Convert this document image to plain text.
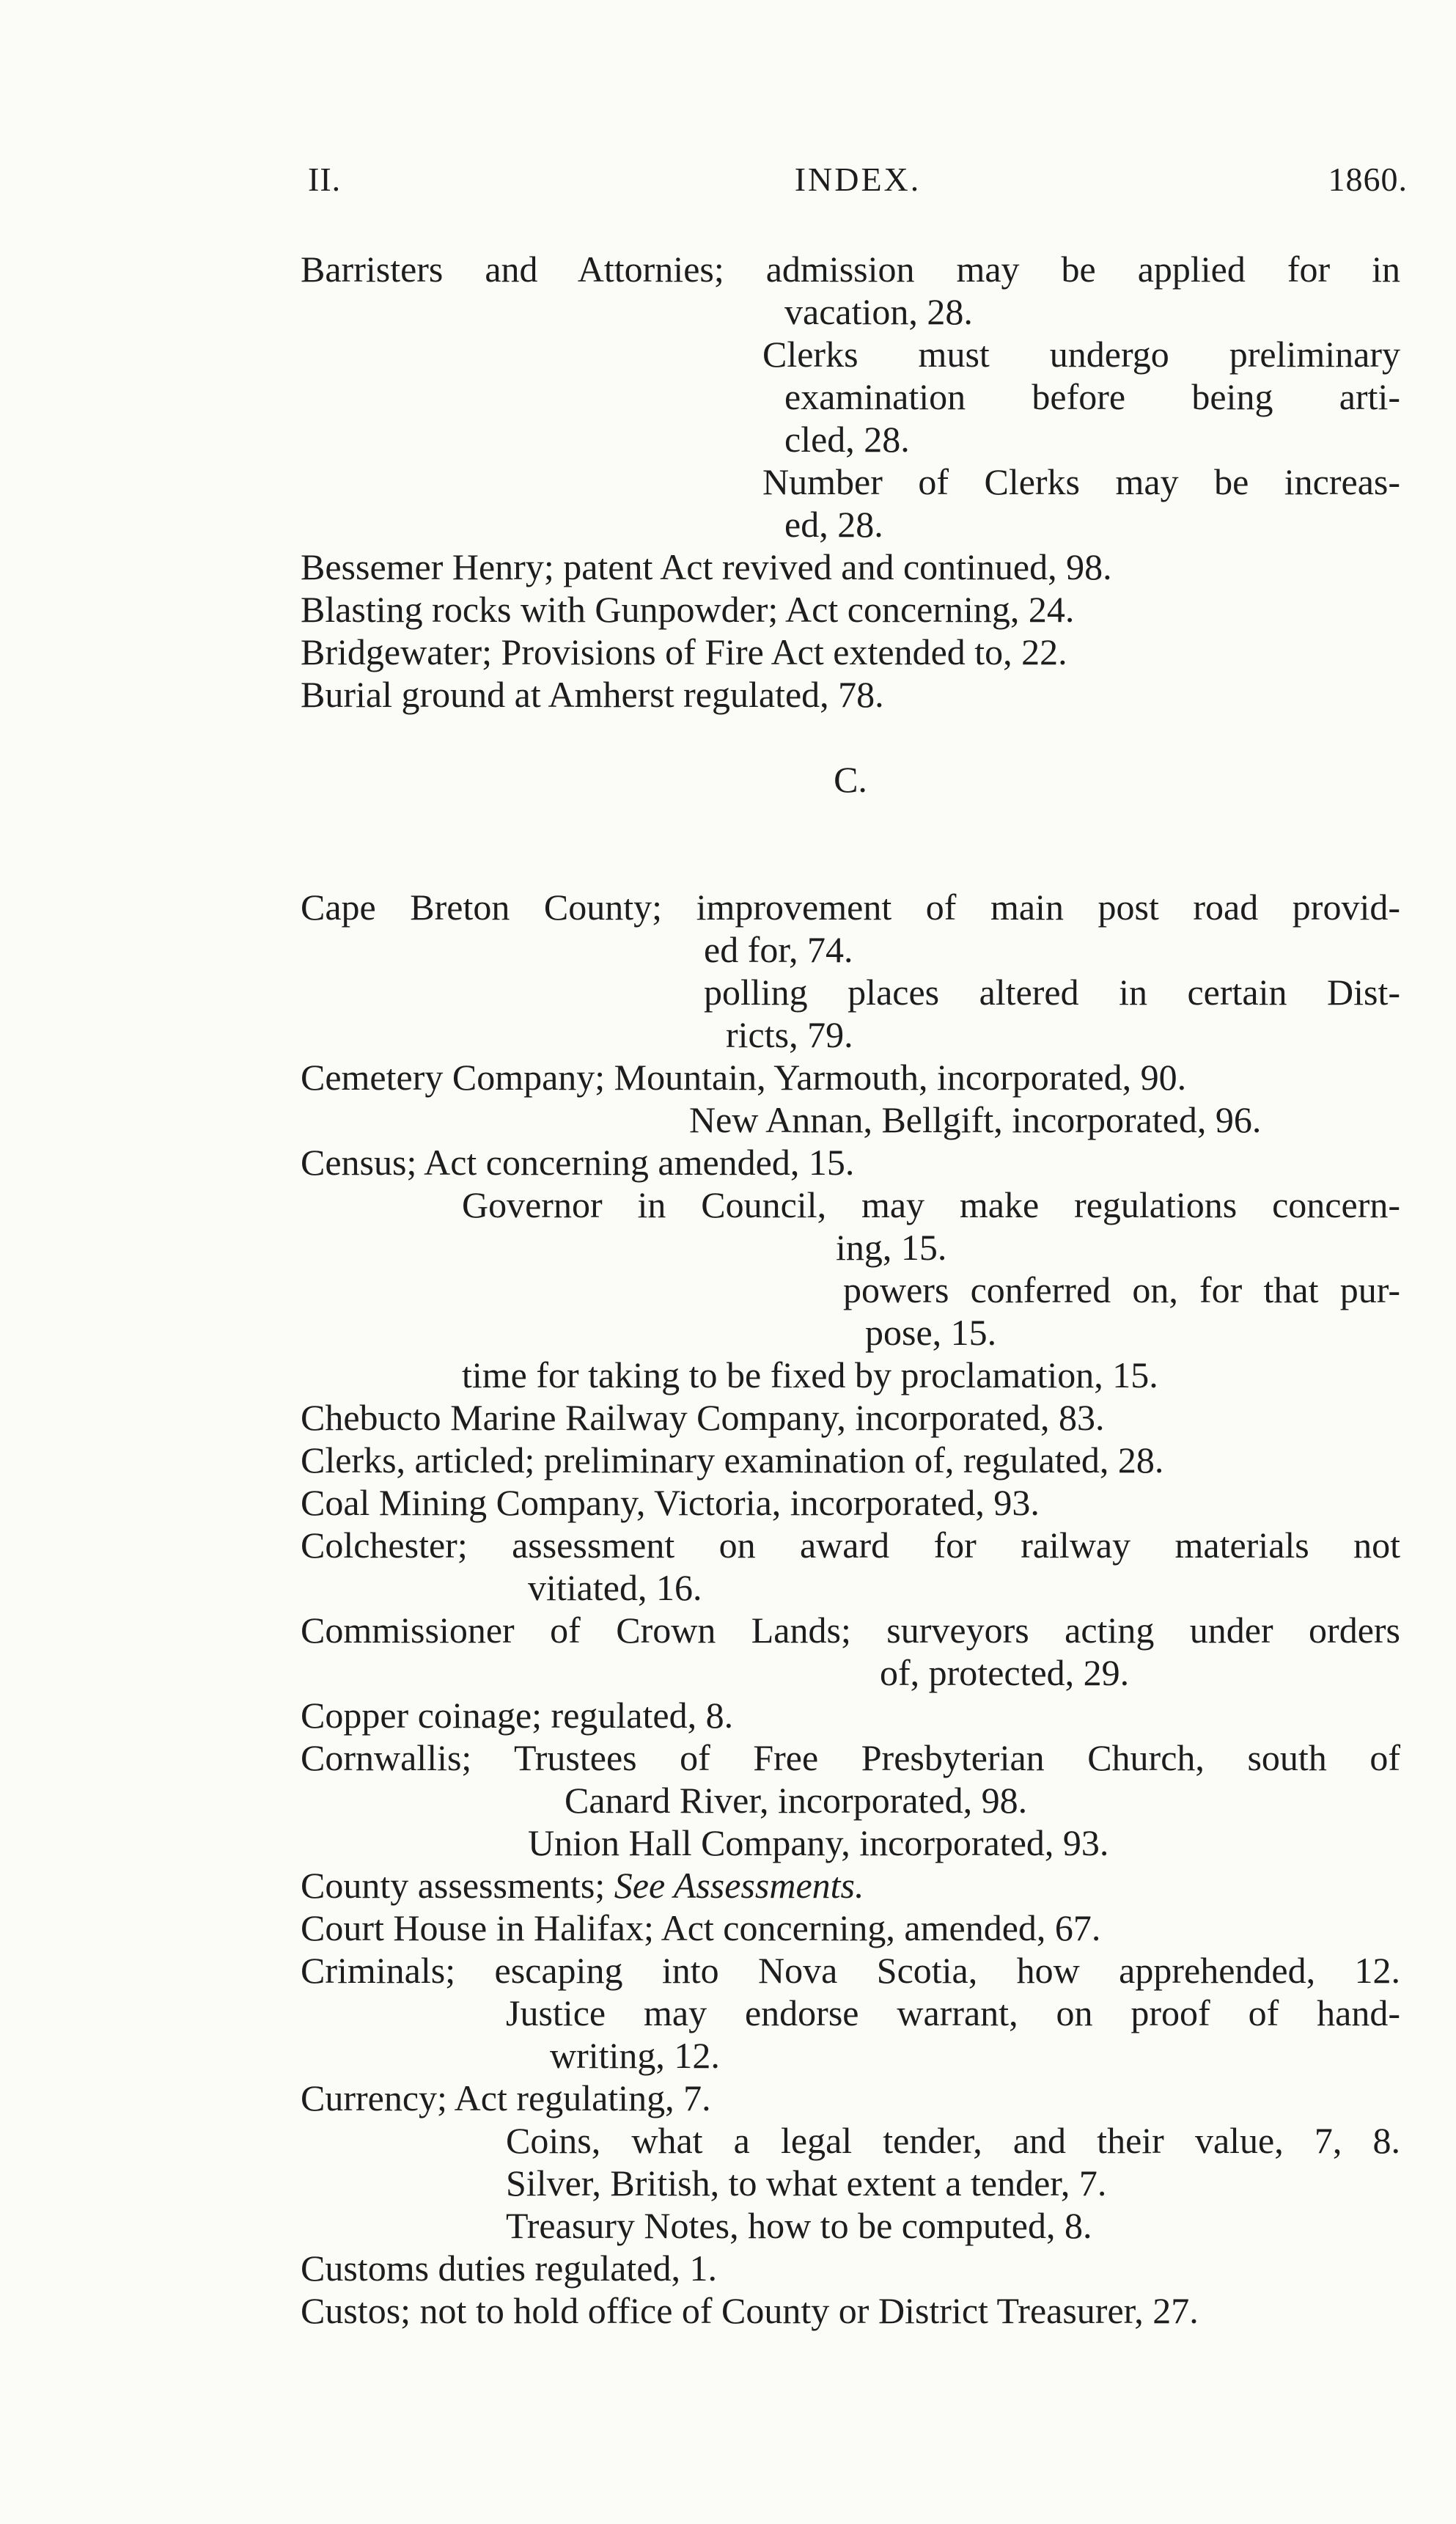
II.	INDEX.	1860.
Barristers and Attornies; admission may be applied for in
vacation, 28.
Clerks must undergo preliminary
examination before being arti-
cled, 28.
Number of Clerks may be increas-
ed, 28.
Bessemer Henry; patent Act revived and continued, 98.
Blasting rocks with Gunpowder; Act concerning, 24.
Bridgewater; Provisions of Fire Act extended to, 22.
Burial ground at Amherst regulated, 78.
C.
Cape Breton County; improvement of main post road provid-
ed for, 74.
polling places altered in certain Dist-
ricts, 79.
Cemetery Company; Mountain, Yarmouth, incorporated, 90.
New Annan, Bellgift, incorporated, 96.
Census; Act concerning amended, 15.
Governor in Council, may make regulations concern-
ing, 15.
powers conferred on, for that pur-
pose, 15.
time for taking to be fixed by proclamation, 15.
Chebucto Marine Railway Company, incorporated, 83.
Clerks, articled; preliminary examination of, regulated, 28.
Coal Mining Company, Victoria, incorporated, 93.
Colchester; assessment on award for railway materials not
vitiated, 16.
Commissioner of Crown Lands; surveyors acting under orders
of, protected, 29.
Copper coinage; regulated, 8.
Cornwallis; Trustees of Free Presbyterian Church, south of
Canard River, incorporated, 98.
Union Hall Company, incorporated, 93.
County assessments; See Assessments.
Court House in Halifax; Act concerning, amended, 67.
Criminals; escaping into Nova Scotia, how apprehended, 12.
Justice may endorse warrant, on proof of hand-
writing, 12.
Currency; Act regulating, 7.
Coins, what a legal tender, and their value, 7, 8.
Silver, British, to what extent a tender, 7.
Treasury Notes, how to be computed, 8.
Customs duties regulated, 1.
Custos; not to hold office of County or District Treasurer, 27.
